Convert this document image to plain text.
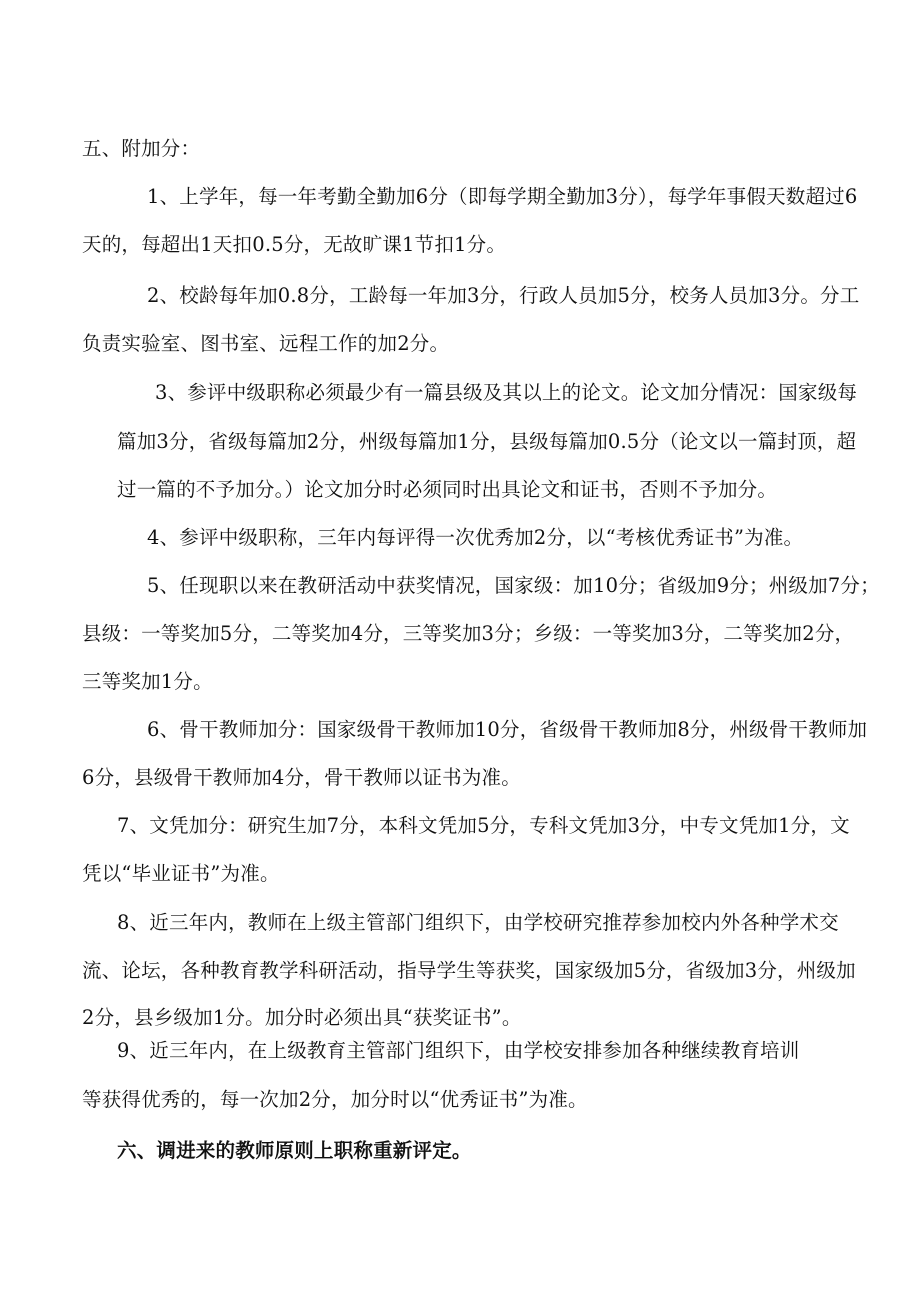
五、附加分：
1、上学年，每一年考勤全勤加6分（即每学期全勤加3分），每学年事假天数超过6
天的，每超出1天扣0.5分，无故旷课1节扣1分。
2、校龄每年加0.8分，工龄每一年加3分，行政人员加5分，校务人员加3分。分工
负责实验室、图书室、远程工作的加2分。
3、参评中级职称必须最少有一篇县级及其以上的论文。论文加分情况：国家级每
篇加3分，省级每篇加2分，州级每篇加1分，县级每篇加0.5分（论文以一篇封顶，超
过一篇的不予加分。）论文加分时必须同时出具论文和证书，否则不予加分。
4、参评中级职称，三年内每评得一次优秀加2分，以“考核优秀证书”为准。
5、任现职以来在教研活动中获奖情况，国家级：加10分；省级加9分；州级加7分；
县级：一等奖加5分，二等奖加4分，三等奖加3分；乡级：一等奖加3分，二等奖加2分，
三等奖加1分。
6、骨干教师加分：国家级骨干教师加10分，省级骨干教师加8分，州级骨干教师加
6分，县级骨干教师加4分，骨干教师以证书为准。
7、文凭加分：研究生加7分，本科文凭加5分，专科文凭加3分，中专文凭加1分，文
凭以“毕业证书”为准。
8、近三年内，教师在上级主管部门组织下，由学校研究推荐参加校内外各种学术交
流、论坛，各种教育教学科研活动，指导学生等获奖，国家级加5分，省级加3分，州级加
2分，县乡级加1分。加分时必须出具“获奖证书”。
9、近三年内，在上级教育主管部门组织下，由学校安排参加各种继续教育培训
等获得优秀的，每一次加2分，加分时以“优秀证书”为准。
六、调进来的教师原则上职称重新评定。
